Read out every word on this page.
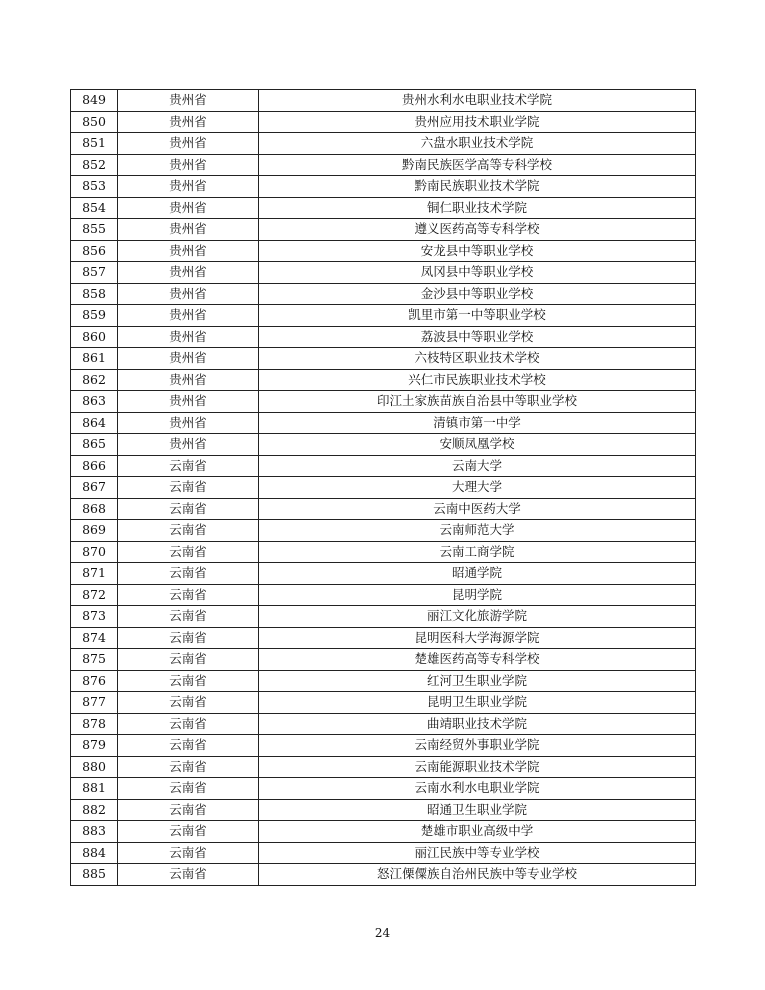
849	贵州省	贵州水利水电职业技术学院
850	贵州省	贵州应用技术职业学院
851	贵州省	六盘水职业技术学院
852	贵州省	黔南民族医学高等专科学校
853	贵州省	黔南民族职业技术学院
854	贵州省	铜仁职业技术学院
855	贵州省	遵义医药高等专科学校
856	贵州省	安龙县中等职业学校
857	贵州省	凤冈县中等职业学校
858	贵州省	金沙县中等职业学校
859	贵州省	凯里市第一中等职业学校
860	贵州省	荔波县中等职业学校
861	贵州省	六枝特区职业技术学校
862	贵州省	兴仁市民族职业技术学校
863	贵州省	印江土家族苗族自治县中等职业学校
864	贵州省	清镇市第一中学
865	贵州省	安顺凤凰学校
866	云南省	云南大学
867	云南省	大理大学
868	云南省	云南中医药大学
869	云南省	云南师范大学
870	云南省	云南工商学院
871	云南省	昭通学院
872	云南省	昆明学院
873	云南省	丽江文化旅游学院
874	云南省	昆明医科大学海源学院
875	云南省	楚雄医药高等专科学校
876	云南省	红河卫生职业学院
877	云南省	昆明卫生职业学院
878	云南省	曲靖职业技术学院
879	云南省	云南经贸外事职业学院
880	云南省	云南能源职业技术学院
881	云南省	云南水利水电职业学院
882	云南省	昭通卫生职业学院
883	云南省	楚雄市职业高级中学
884	云南省	丽江民族中等专业学校
885	云南省	怒江傈僳族自治州民族中等专业学校
24
